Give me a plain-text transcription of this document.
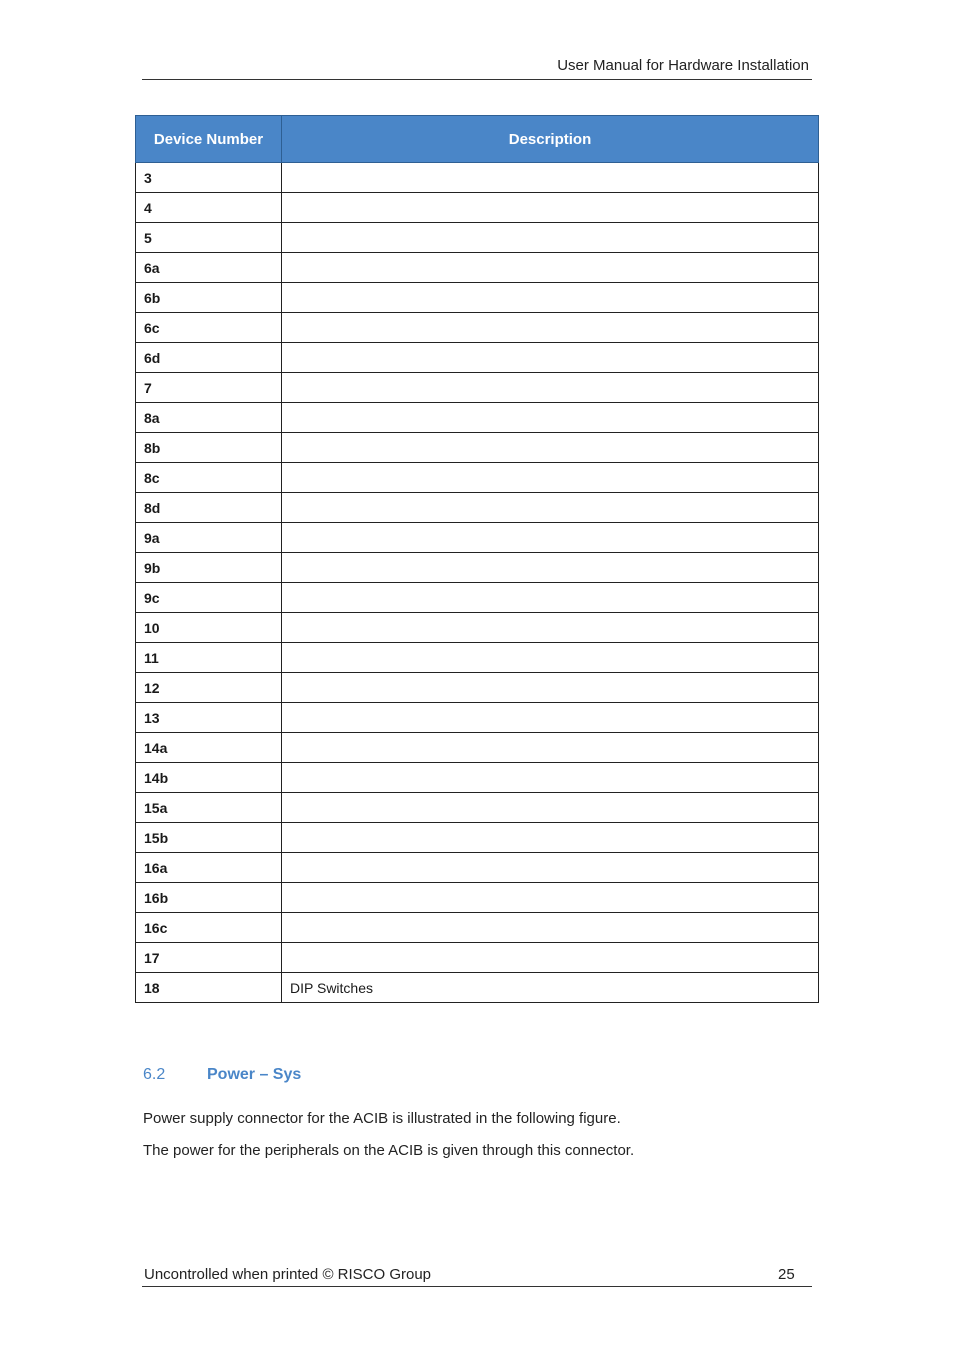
User Manual for Hardware Installation
Device Number	Description
3	
4	
5	
6a	
6b	
6c	
6d	
7	
8a	
8b	
8c	
8d	
9a	
9b	
9c	
10	
11	
12	
13	
14a	
14b	
15a	
15b	
16a	
16b	
16c	
17	
18	DIP Switches
6.2	Power – Sys
Power supply connector for the ACIB is illustrated in the following figure.
The power for the peripherals on the ACIB is given through this connector.
Uncontrolled when printed © RISCO Group	25
